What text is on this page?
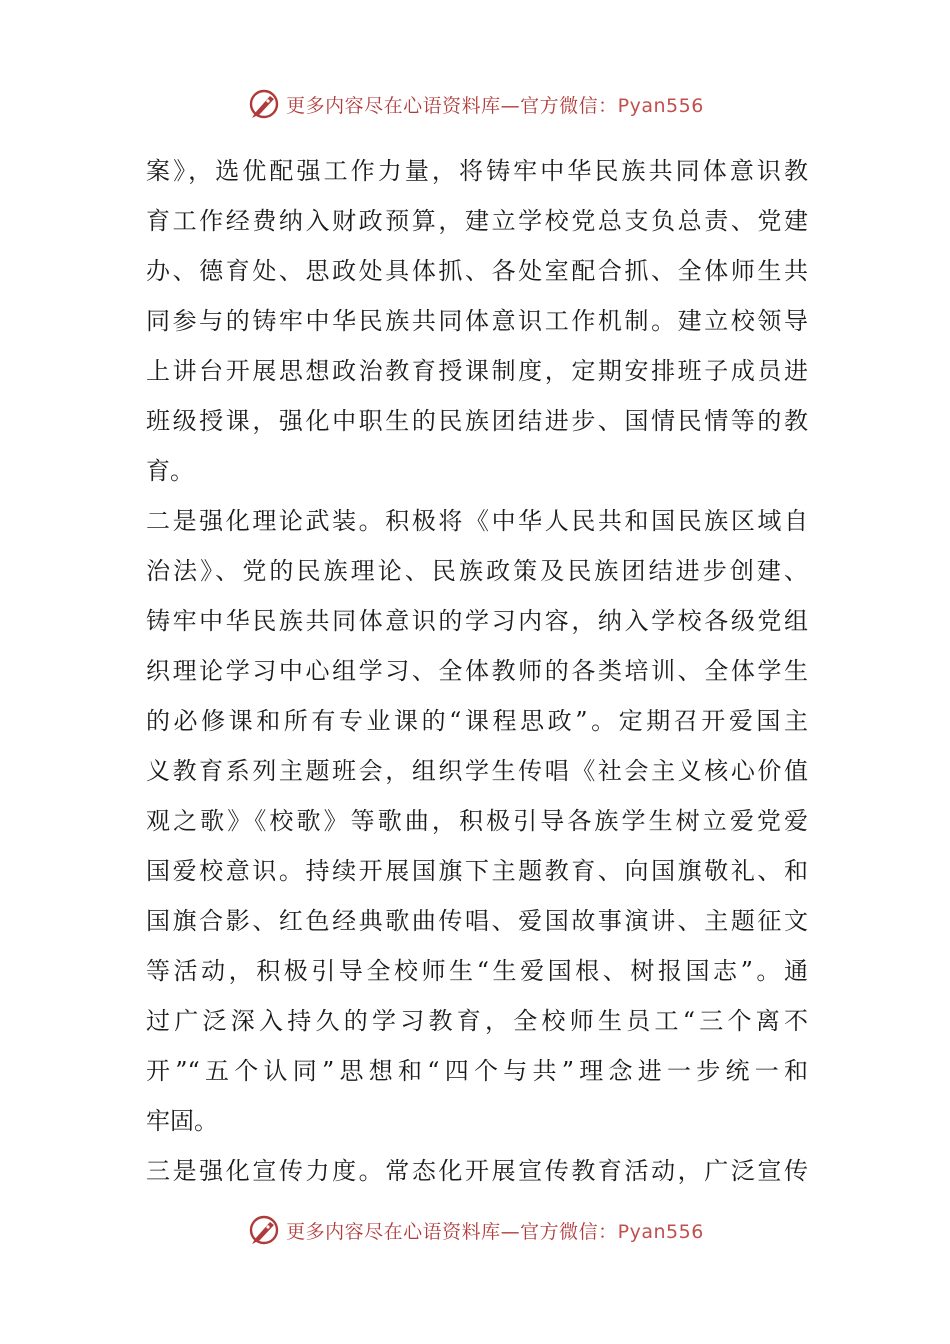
更多内容尽在心语资料库—官方微信：Pyan556
案》，选优配强工作力量，将铸牢中华民族共同体意识教
育工作经费纳入财政预算，建立学校党总支负总责、党建
办、德育处、思政处具体抓、各处室配合抓、全体师生共
同参与的铸牢中华民族共同体意识工作机制。建立校领导
上讲台开展思想政治教育授课制度，定期安排班子成员进
班级授课，强化中职生的民族团结进步、国情民情等的教
育。
二是强化理论武装。积极将《中华人民共和国民族区域自
治法》、党的民族理论、民族政策及民族团结进步创建、
铸牢中华民族共同体意识的学习内容，纳入学校各级党组
织理论学习中心组学习、全体教师的各类培训、全体学生
的必修课和所有专业课的“课程思政”。定期召开爱国主
义教育系列主题班会，组织学生传唱《社会主义核心价值
观之歌》《校歌》等歌曲，积极引导各族学生树立爱党爱
国爱校意识。持续开展国旗下主题教育、向国旗敬礼、和
国旗合影、红色经典歌曲传唱、爱国故事演讲、主题征文
等活动，积极引导全校师生“生爱国根、树报国志”。通
过广泛深入持久的学习教育，全校师生员工“三个离不
开”“五个认同”思想和“四个与共”理念进一步统一和
牢固。
三是强化宣传力度。常态化开展宣传教育活动，广泛宣传
更多内容尽在心语资料库—官方微信：Pyan556
